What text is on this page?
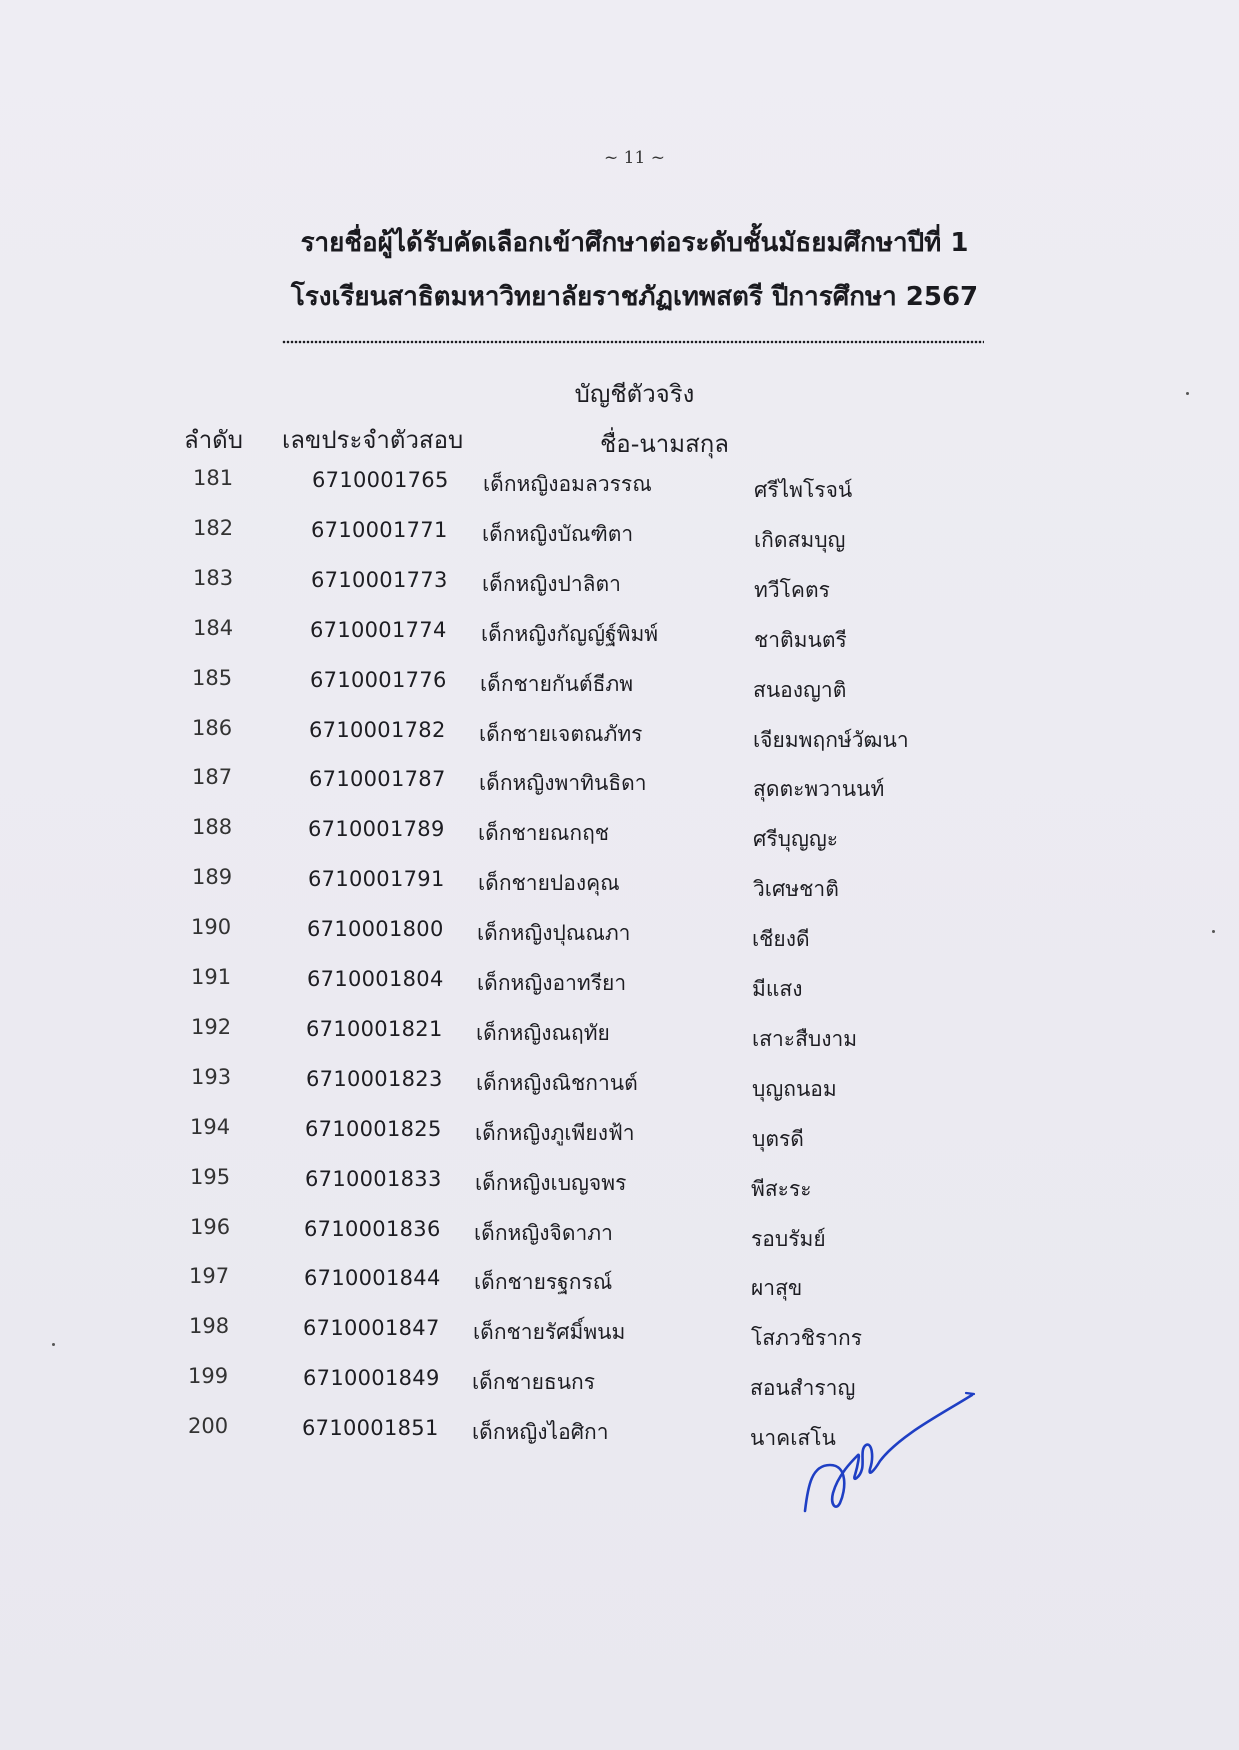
~ 11 ~
รายชื่อผู้ได้รับคัดเลือกเข้าศึกษาต่อระดับชั้นมัธยมศึกษาปีที่ 1
โรงเรียนสาธิตมหาวิทยาลัยราชภัฏเทพสตรี ปีการศึกษา 2567
บัญชีตัวจริง
ลำดับ เลขประจำตัวสอบ	ชื่อ-นามสกุล
181	6710001765 เด็กหญิงอมลวรรณ	ศรีไพโรจน์
182	6710001771 เด็กหญิงบัณฑิตา	เกิดสมบุญ
183	6710001773 เด็กหญิงปาลิตา	ทวีโคตร
184	6710001774 เด็กหญิงกัญญ์ฐ์พิมพ์	ชาติมนตรี
185	6710001776 เด็กชายกันต์ธีภพ	สนองญาติ
186	6710001782 เด็กชายเจตณภัทร	เจียมพฤกษ์วัฒนา
187	6710001787 เด็กหญิงพาทินธิดา	สุดตะพวานนท์
188	6710001789 เด็กชายณกฤช	ศรีบุญญะ
189	6710001791 เด็กชายปองคุณ	วิเศษชาติ
190	6710001800 เด็กหญิงปุณณภา	เชียงดี
191	6710001804 เด็กหญิงอาทรียา	มีแสง
192	6710001821 เด็กหญิงณฤทัย	เสาะสืบงาม
193	6710001823 เด็กหญิงณิชกานต์	บุญถนอม
194	6710001825 เด็กหญิงภูเพียงฟ้า	บุตรดี
195	6710001833 เด็กหญิงเบญจพร	พีสะระ
196	6710001836 เด็กหญิงจิดาภา	รอบรัมย์
197	6710001844 เด็กชายรฐกรณ์	ผาสุข
198	6710001847 เด็กชายรัศมิ์พนม	โสภวชิรากร
199	6710001849 เด็กชายธนกร	สอนสำราญ
200	6710001851 เด็กหญิงไอศิกา	นาคเสโน
